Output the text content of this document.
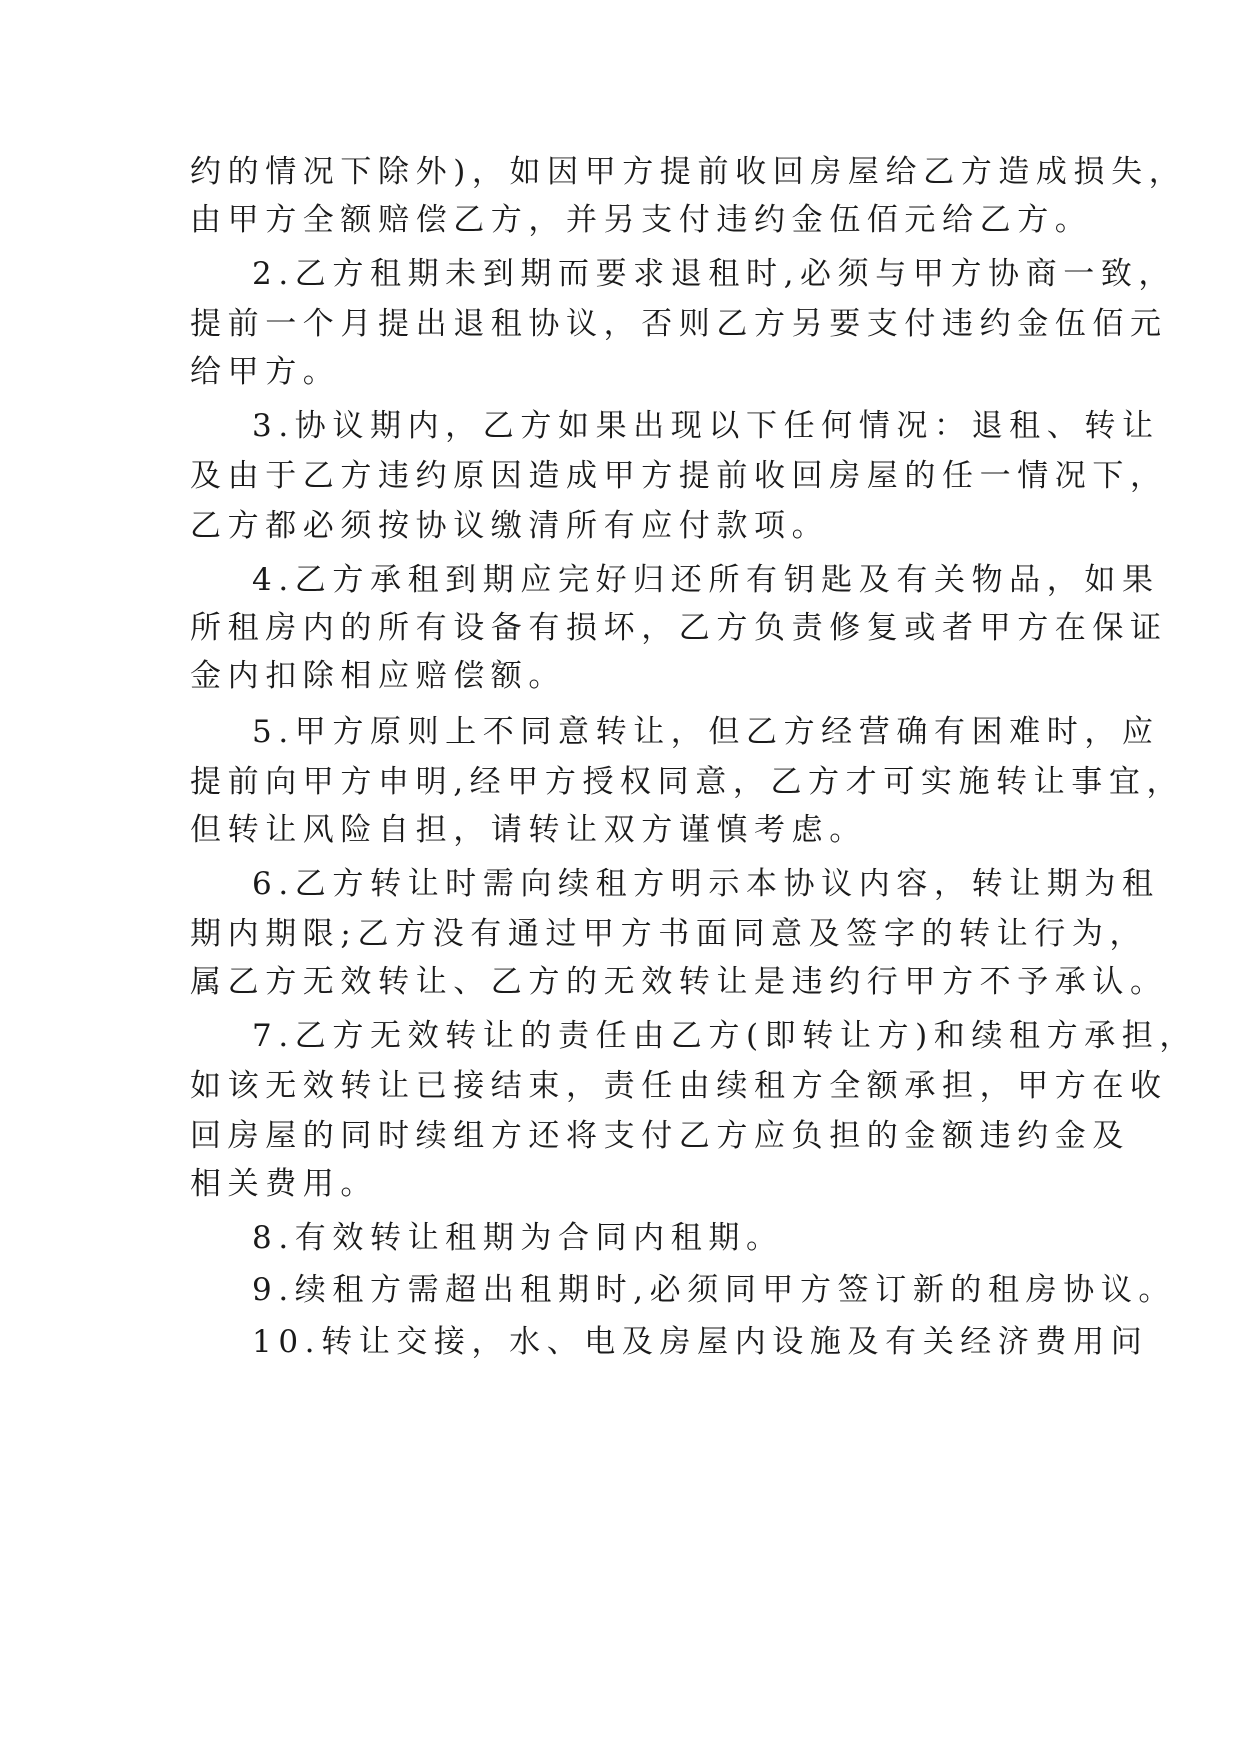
约的情况下除外)，如因甲方提前收回房屋给乙方造成损失，
由甲方全额赔偿乙方，并另支付违约金伍佰元给乙方。
2.乙方租期未到期而要求退租时,必须与甲方协商一致，
提前一个月提出退租协议，否则乙方另要支付违约金伍佰元
给甲方。
3.协议期内，乙方如果出现以下任何情况：退租、转让
及由于乙方违约原因造成甲方提前收回房屋的任一情况下，
乙方都必须按协议缴清所有应付款项。
4.乙方承租到期应完好归还所有钥匙及有关物品，如果
所租房内的所有设备有损坏，乙方负责修复或者甲方在保证
金内扣除相应赔偿额。
5.甲方原则上不同意转让，但乙方经营确有困难时，应
提前向甲方申明,经甲方授权同意，乙方才可实施转让事宜，
但转让风险自担，请转让双方谨慎考虑。
6.乙方转让时需向续租方明示本协议内容，转让期为租
期内期限;乙方没有通过甲方书面同意及签字的转让行为，
属乙方无效转让、乙方的无效转让是违约行甲方不予承认。
7.乙方无效转让的责任由乙方(即转让方)和续租方承担，
如该无效转让已接结束，责任由续租方全额承担，甲方在收
回房屋的同时续组方还将支付乙方应负担的金额违约金及
相关费用。
8.有效转让租期为合同内租期。
9.续租方需超出租期时,必须同甲方签订新的租房协议。
10.转让交接，水、电及房屋内设施及有关经济费用问
